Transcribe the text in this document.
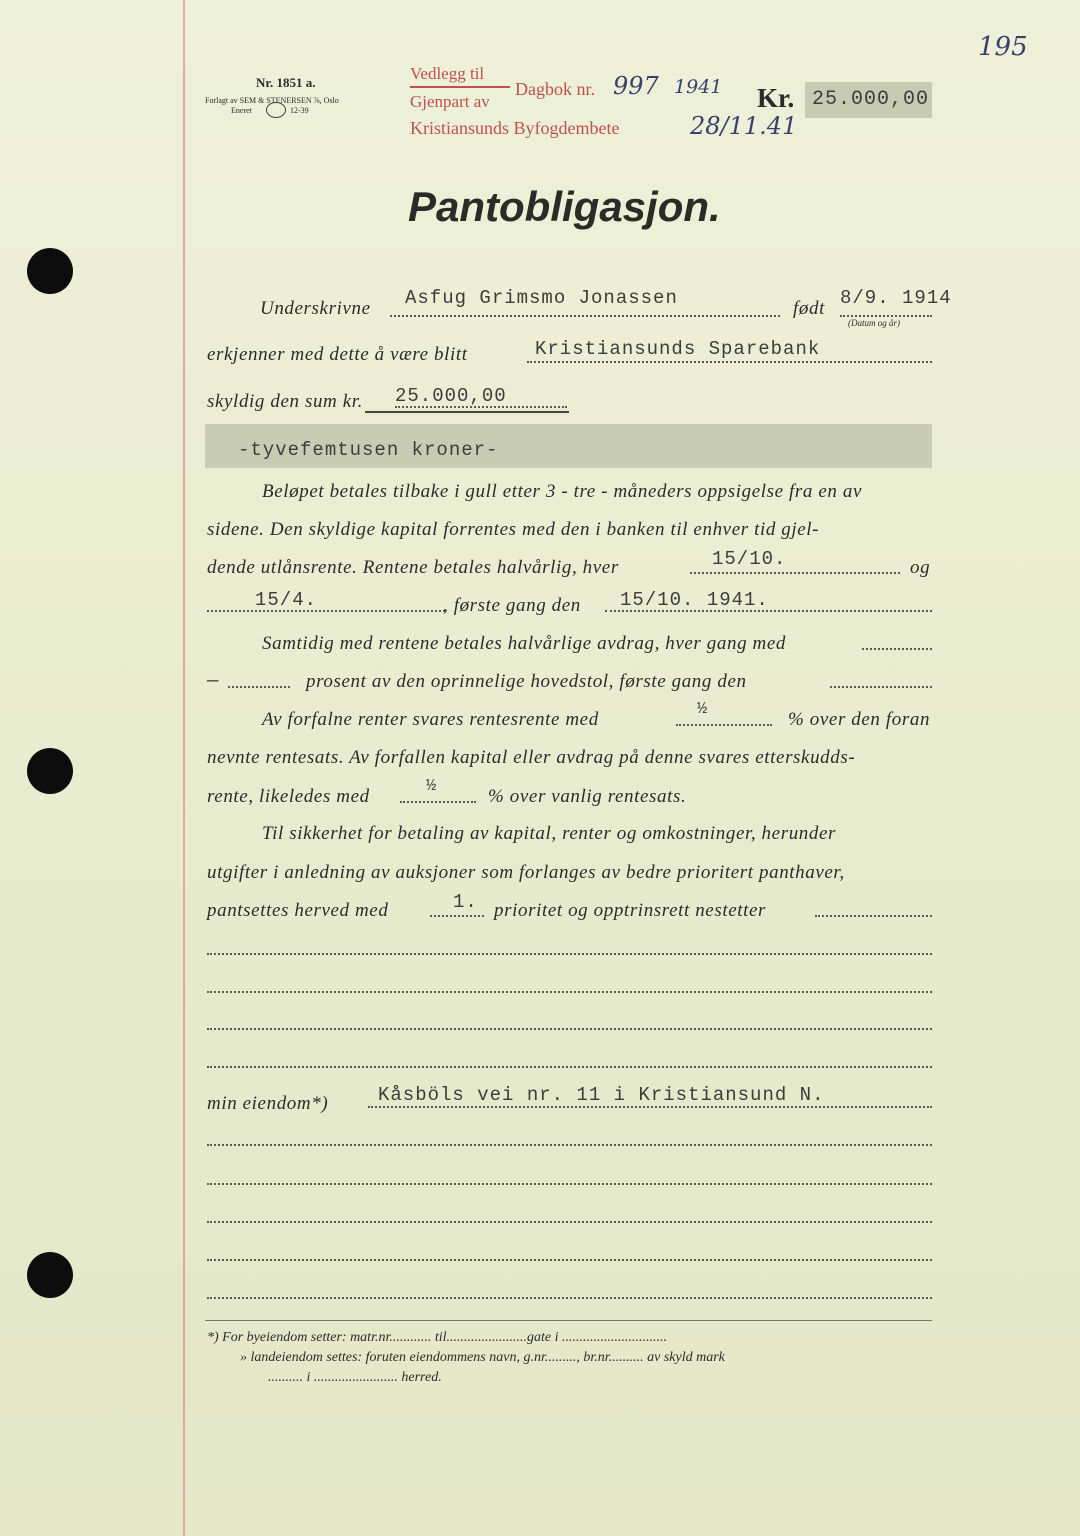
195
Nr. 1851 a.
Forlagt av SEM & STENERSEN ⅞, Oslo
Eneret	12-39
Vedlegg til
Gjenpart av
Kristiansunds Byfogdembete
Dagbok nr. 997 1941
28/11.41
Kr. 25.000,00
Pantobligasjon.
Underskrivne Asfug Grimsmo Jonassen	født 8/9. 1914
(Datum og år)
erkjenner med dette å være blitt	Kristiansunds Sparebank
skyldig den sum kr. 25.000,00
-tyvefemtusen kroner-
Beløpet betales tilbake i gull etter 3 - tre - måneders oppsigelse fra en av
sidene. Den skyldige kapital forrentes med den i banken til enhver tid gjel-
dende utlånsrente. Rentene betales halvårlig, hver	15/10.	og
15/4.	, første gang den 15/10. 1941.
Samtidig med rentene betales halvårlige avdrag, hver gang med
—	prosent av den oprinnelige hovedstol, første gang den
Av forfalne renter svares rentesrente med	½	% over den foran
nevnte rentesats. Av forfallen kapital eller avdrag på denne svares etterskudds-
rente, likeledes med	½	% over vanlig rentesats.
Til sikkerhet for betaling av kapital, renter og omkostninger, herunder
utgifter i anledning av auksjoner som forlanges av bedre prioritert panthaver,
pantsettes herved med	1. prioritet og opptrinsrett nestetter
min eiendom*)	Kåsböls vei nr. 11 i Kristiansund N.
*) For byeiendom setter: matr.nr............ til.......................gate i ..............................
» landeiendom settes: foruten eiendommens navn, g.nr........., br.nr.......... av skyld mark
.......... i ........................ herred.
